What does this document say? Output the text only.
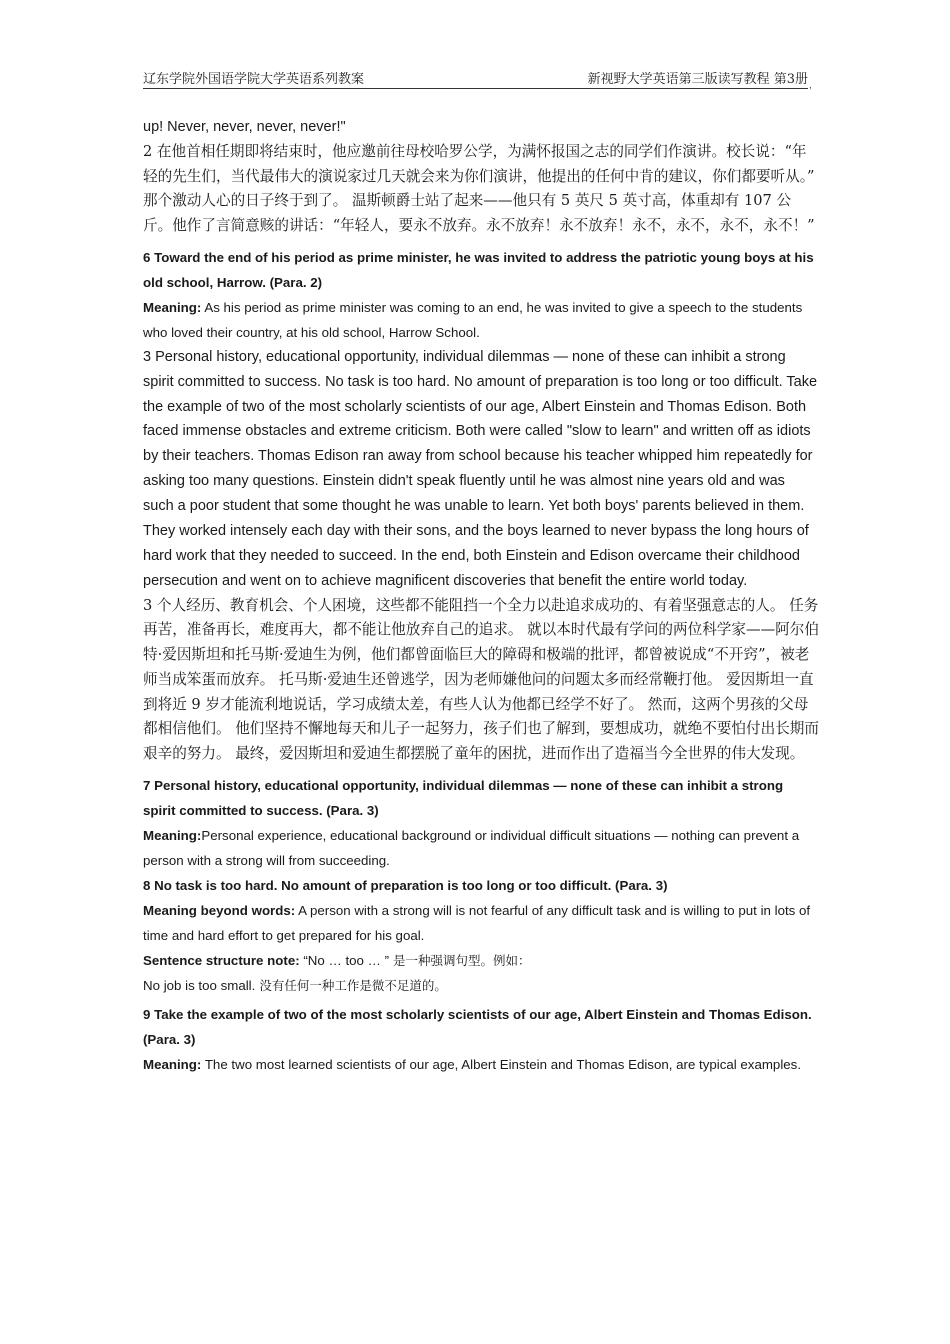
辽东学院外国语学院大学英语系列教案	新视野大学英语第三版读写教程 第3册 ,

up! Never, never, never, never!"

2 在他首相任期即将结束时，他应邀前往母校哈罗公学，为满怀报国之志的同学们作演讲。校长说：“年轻的先生们，当代最伟大的演说家过几天就会来为你们演讲，他提出的任何中肯的建议，你们都要听从。” 那个激动人心的日子终于到了。 温斯顿爵士站了起来——他只有 5 英尺 5 英寸高，体重却有 107 公斤。他作了言简意赅的讲话：“年轻人，要永不放弃。永不放弃！永不放弃！永不，永不，永不，永不！”

6 Toward the end of his period as prime minister, he was invited to address the patriotic young boys at his old school, Harrow. (Para. 2)

Meaning: As his period as prime minister was coming to an end, he was invited to give a speech to the students who loved their country, at his old school, Harrow School.

3 Personal history, educational opportunity, individual dilemmas — none of these can inhibit a strong spirit committed to success. No task is too hard. No amount of preparation is too long or too difficult. Take the example of two of the most scholarly scientists of our age, Albert Einstein and Thomas Edison. Both faced immense obstacles and extreme criticism. Both were called "slow to learn" and written off as idiots by their teachers. Thomas Edison ran away from school because his teacher whipped him repeatedly for asking too many questions. Einstein didn't speak fluently until he was almost nine years old and was such a poor student that some thought he was unable to learn. Yet both boys' parents believed in them. They worked intensely each day with their sons, and the boys learned to never bypass the long hours of hard work that they needed to succeed. In the end, both Einstein and Edison overcame their childhood persecution and went on to achieve magnificent discoveries that benefit the entire world today.

3 个人经历、教育机会、个人困境，这些都不能阻挡一个全力以赴追求成功的、有着坚强意志的人。 任务再苦，准备再长，难度再大，都不能让他放弃自己的追求。 就以本时代最有学问的两位科学家——阿尔伯特·爱因斯坦和托马斯·爱迪生为例，他们都曾面临巨大的障碍和极端的批评，都曾被说成“不开窍”，被老师当成笨蛋而放弃。 托马斯·爱迪生还曾逃学，因为老师嫌他问的问题太多而经常鞭打他。 爱因斯坦一直到将近 9 岁才能流利地说话，学习成绩太差，有些人认为他都已经学不好了。 然而，这两个男孩的父母都相信他们。 他们坚持不懈地每天和儿子一起努力，孩子们也了解到，要想成功，就绝不要怕付出长期而艰辛的努力。 最终，爱因斯坦和爱迪生都摆脱了童年的困扰，进而作出了造福当今全世界的伟大发现。

7 Personal history, educational opportunity, individual dilemmas — none of these can inhibit a strong spirit committed to success. (Para. 3)

Meaning:Personal experience, educational background or individual difficult situations — nothing can prevent a person with a strong will from succeeding.

8 No task is too hard. No amount of preparation is too long or too difficult. (Para. 3)

Meaning beyond words: A person with a strong will is not fearful of any difficult task and is willing to put in lots of time and hard effort to get prepared for his goal.

Sentence structure note: “No … too … ” 是一种强调句型。例如：

No job is too small. 没有任何一种工作是微不足道的。

9 Take the example of two of the most scholarly scientists of our age, Albert Einstein and Thomas Edison. (Para. 3)

Meaning: The two most learned scientists of our age, Albert Einstein and Thomas Edison, are typical examples.
